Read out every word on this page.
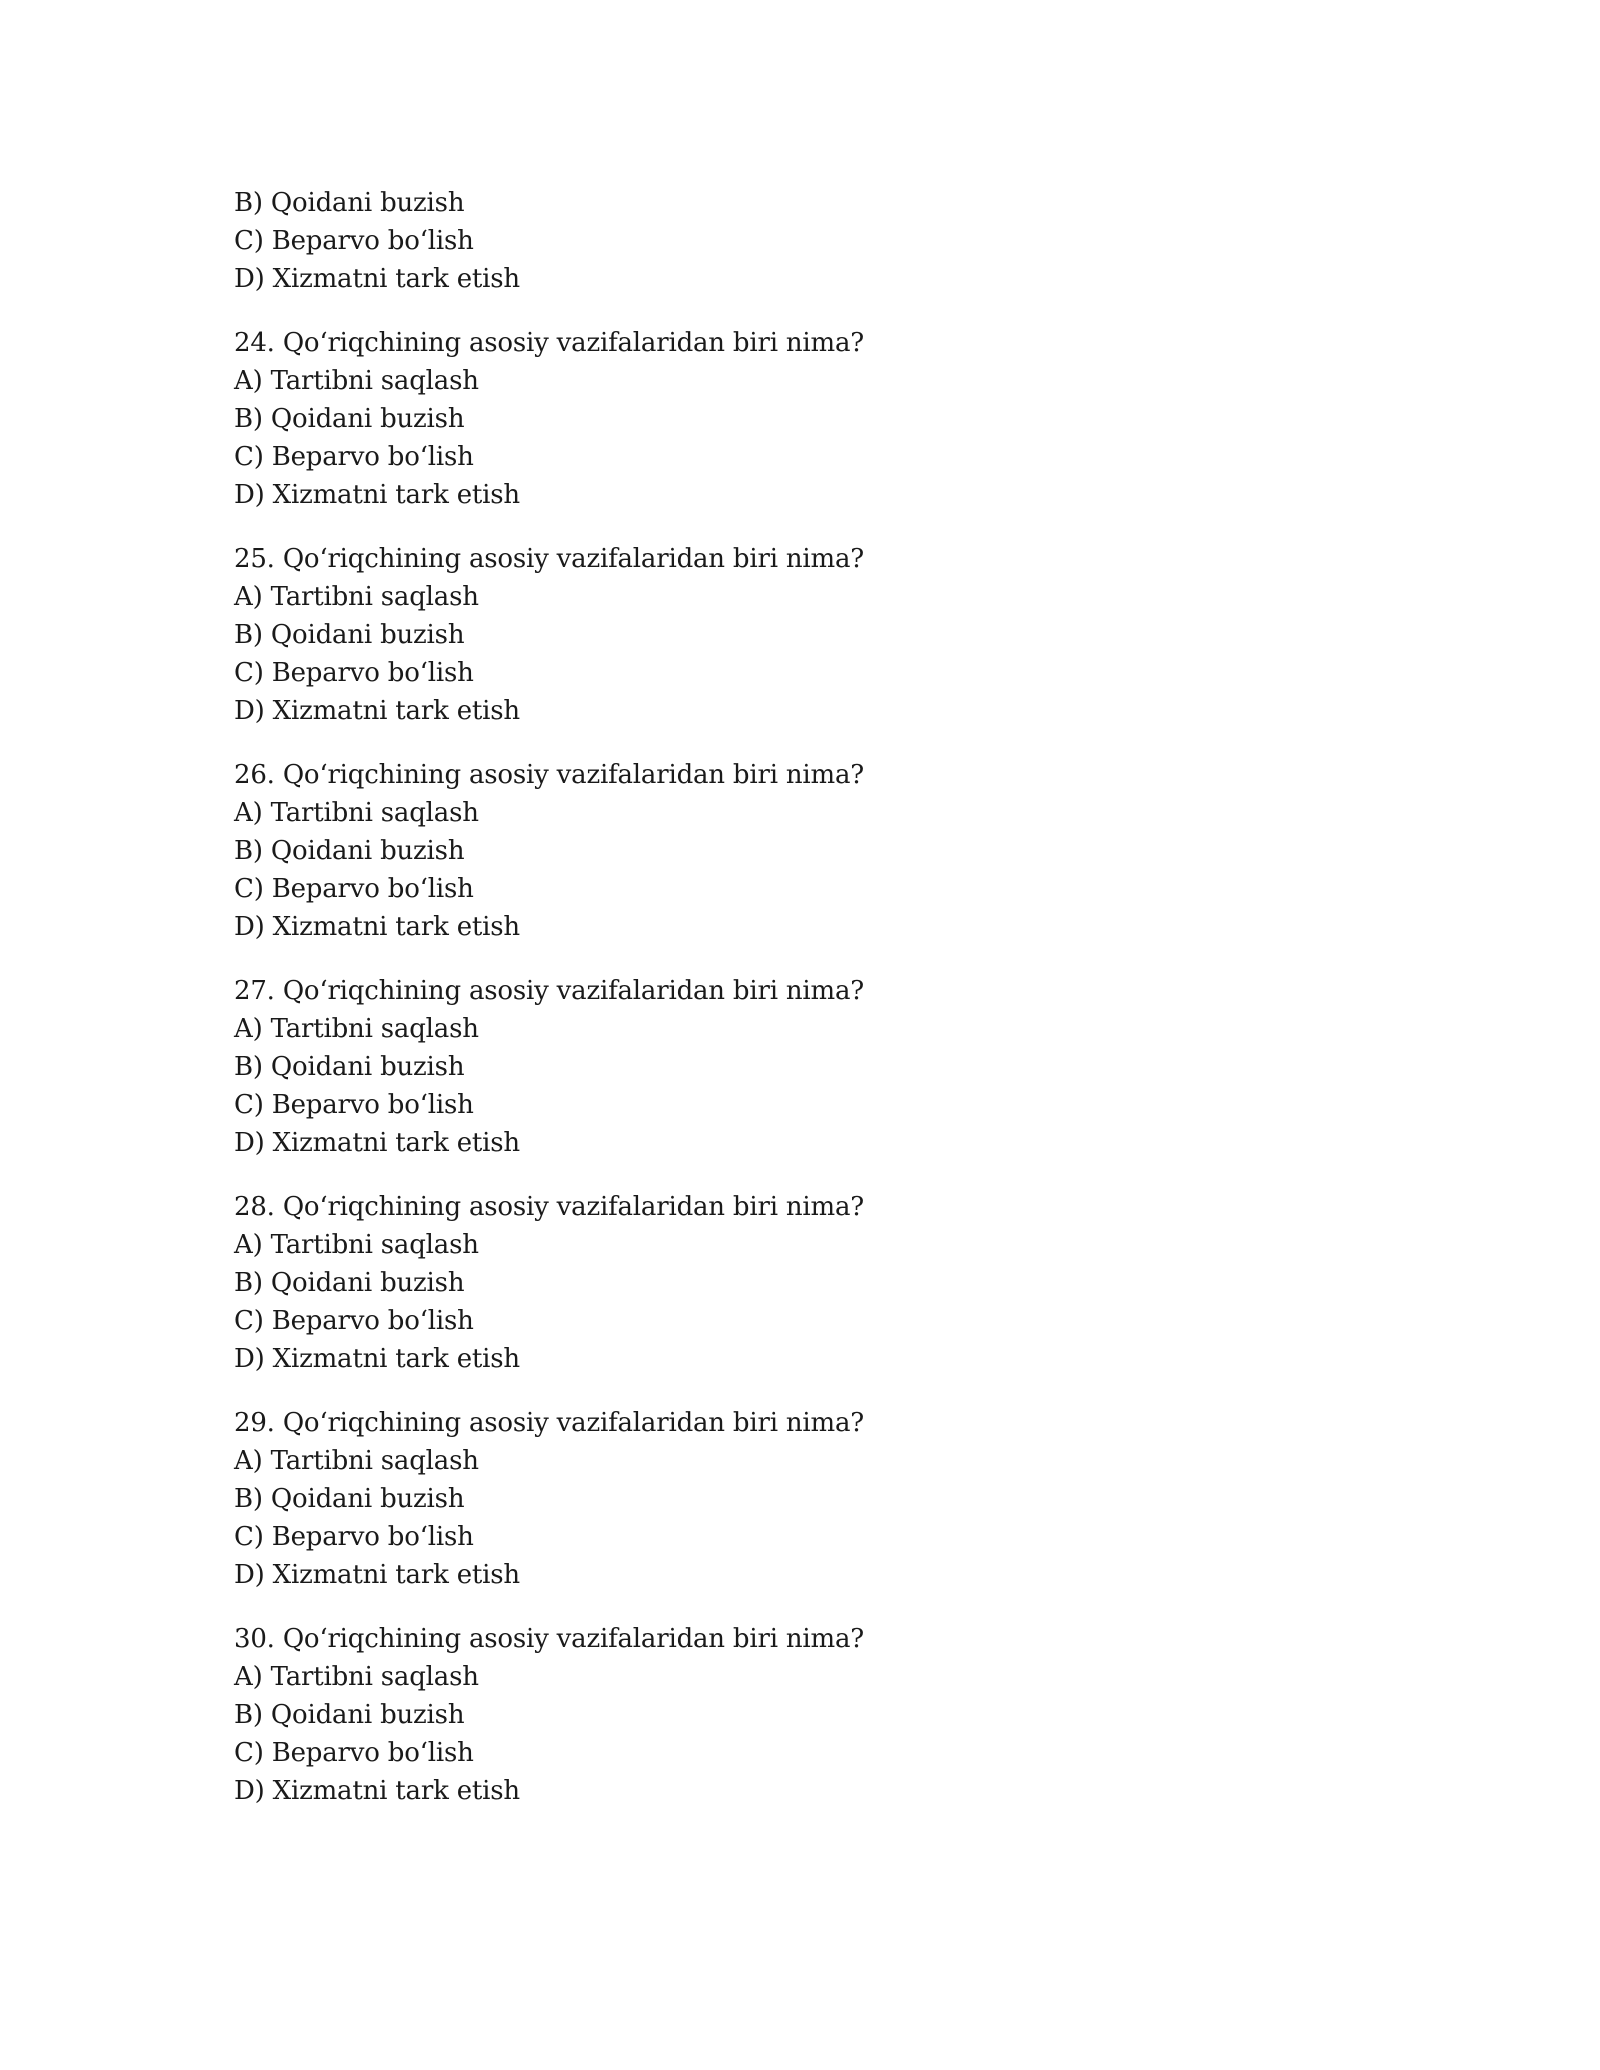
B) Qoidani buzish
C) Beparvo bo‘lish
D) Xizmatni tark etish
24. Qo‘riqchining asosiy vazifalaridan biri nima?
A) Tartibni saqlash
B) Qoidani buzish
C) Beparvo bo‘lish
D) Xizmatni tark etish
25. Qo‘riqchining asosiy vazifalaridan biri nima?
A) Tartibni saqlash
B) Qoidani buzish
C) Beparvo bo‘lish
D) Xizmatni tark etish
26. Qo‘riqchining asosiy vazifalaridan biri nima?
A) Tartibni saqlash
B) Qoidani buzish
C) Beparvo bo‘lish
D) Xizmatni tark etish
27. Qo‘riqchining asosiy vazifalaridan biri nima?
A) Tartibni saqlash
B) Qoidani buzish
C) Beparvo bo‘lish
D) Xizmatni tark etish
28. Qo‘riqchining asosiy vazifalaridan biri nima?
A) Tartibni saqlash
B) Qoidani buzish
C) Beparvo bo‘lish
D) Xizmatni tark etish
29. Qo‘riqchining asosiy vazifalaridan biri nima?
A) Tartibni saqlash
B) Qoidani buzish
C) Beparvo bo‘lish
D) Xizmatni tark etish
30. Qo‘riqchining asosiy vazifalaridan biri nima?
A) Tartibni saqlash
B) Qoidani buzish
C) Beparvo bo‘lish
D) Xizmatni tark etish
